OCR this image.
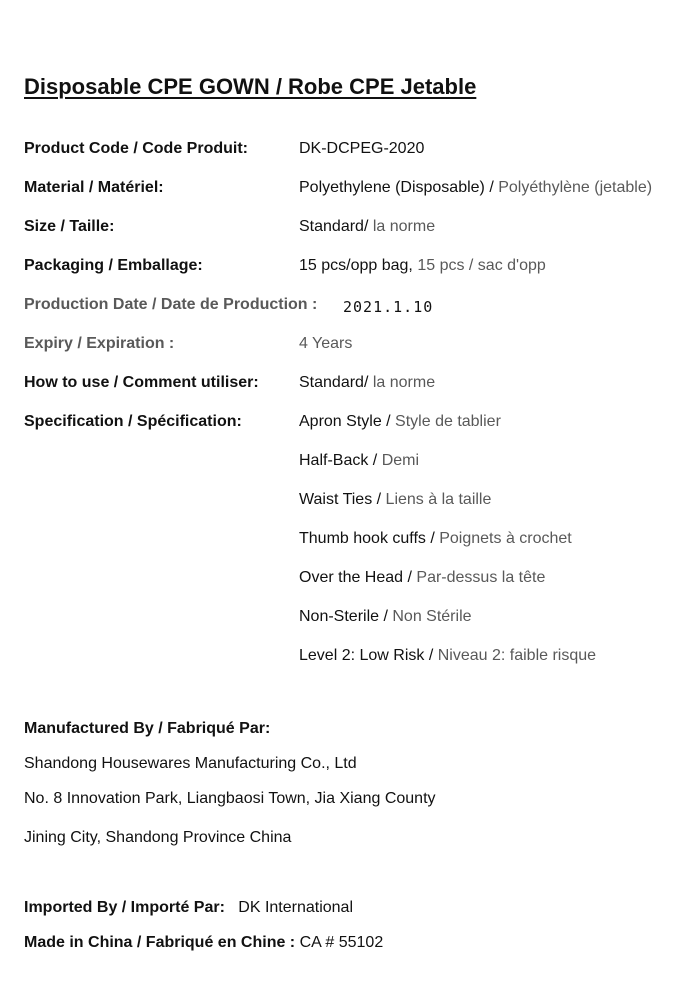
Disposable CPE GOWN / Robe CPE Jetable
Product Code / Code Produit:	DK-DCPEG-2020
Material / Matériel:	Polyethylene (Disposable) / Polyéthylène (jetable)
Size / Taille:	Standard/ la norme
Packaging / Emballage:	15 pcs/opp bag, 15 pcs / sac d'opp
Production Date / Date de Production : 2021.1.10
Expiry / Expiration :	4 Years
How to use / Comment utiliser:	Standard/ la norme
Specification / Spécification:	Apron Style / Style de tablier
Half-Back / Demi
Waist Ties / Liens à la taille
Thumb hook cuffs / Poignets à crochet
Over the Head / Par-dessus la tête
Non-Sterile / Non Stérile
Level 2: Low Risk / Niveau 2: faible risque
Manufactured By / Fabriqué Par:
Shandong Housewares Manufacturing Co., Ltd
No. 8 Innovation Park, Liangbaosi Town, Jia Xiang County
Jining City, Shandong Province China
Imported By / Importé Par: DK International
Made in China / Fabriqué en Chine : CA # 55102
